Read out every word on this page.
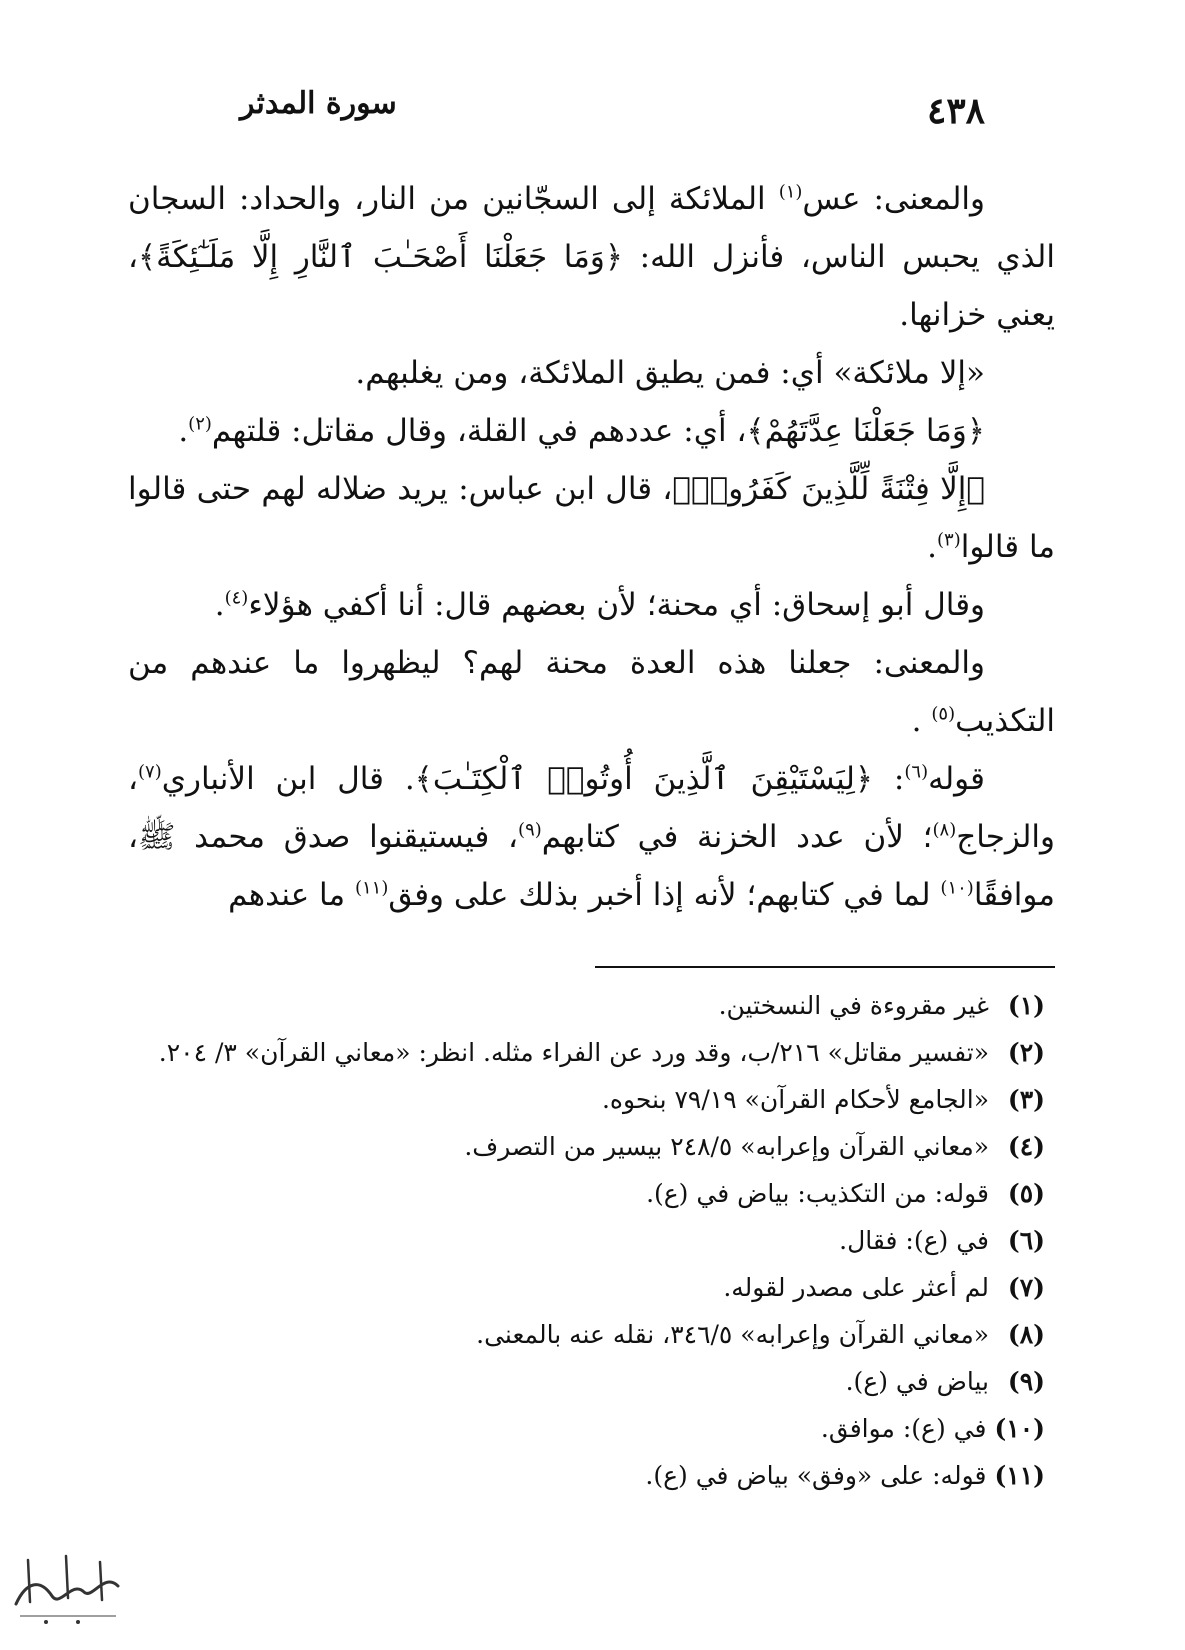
٤٣٨
سورة المدثر

والمعنى: عس$^{(١)}$ الملائكة إلى السجّانين من النار، والحداد: السجان الذي يحبس الناس، فأنزل الله: ﴿وَمَا جَعَلْنَا أَصْحَـٰبَ ٱلنَّارِ إِلَّا مَلَـٰٓئِكَةً﴾، يعني خزانها.

«إلا ملائكة» أي: فمن يطيق الملائكة، ومن يغلبهم.

﴿وَمَا جَعَلْنَا عِدَّتَهُمْ﴾، أي: عددهم في القلة، وقال مقاتل: قلتهم$^{(٢)}$.

﴿إِلَّا فِتْنَةً لِّلَّذِينَ كَفَرُوا۟﴾، قال ابن عباس: يريد ضلاله لهم حتى قالوا ما قالوا$^{(٣)}$.

وقال أبو إسحاق: أي محنة؛ لأن بعضهم قال: أنا أكفي هؤلاء$^{(٤)}$.

والمعنى: جعلنا هذه العدة محنة لهم؟ ليظهروا ما عندهم من التكذيب$^{(٥)}$ .

قوله$^{(٦)}$: ﴿لِيَسْتَيْقِنَ ٱلَّذِينَ أُوتُوا۟ ٱلْكِتَـٰبَ﴾. قال ابن الأنباري$^{(٧)}$، والزجاج$^{(٨)}$؛ لأن عدد الخزنة في كتابهم$^{(٩)}$، فيستيقنوا صدق محمد ﷺ، موافقًا$^{(١٠)}$ لما في كتابهم؛ لأنه إذا أخبر بذلك على وفق$^{(١١)}$ ما عندهم

(١)
غير مقروءة في النسختين.
(٢)
«تفسير مقاتل» ٢١٦/ب، وقد ورد عن الفراء مثله. انظر: «معاني القرآن» ٣/ ٢٠٤.
(٣)
«الجامع لأحكام القرآن» ٧٩/١٩ بنحوه.
(٤)
«معاني القرآن وإعرابه» ٢٤٨/٥ بيسير من التصرف.
(٥)
قوله: من التكذيب: بياض في (ع).
(٦)
في (ع): فقال.
(٧)
لم أعثر على مصدر لقوله.
(٨)
«معاني القرآن وإعرابه» ٣٤٦/٥، نقله عنه بالمعنى.
(٩)
بياض في (ع).
(١٠)
في (ع): موافق.
(١١)
قوله: على «وفق» بياض في (ع).
